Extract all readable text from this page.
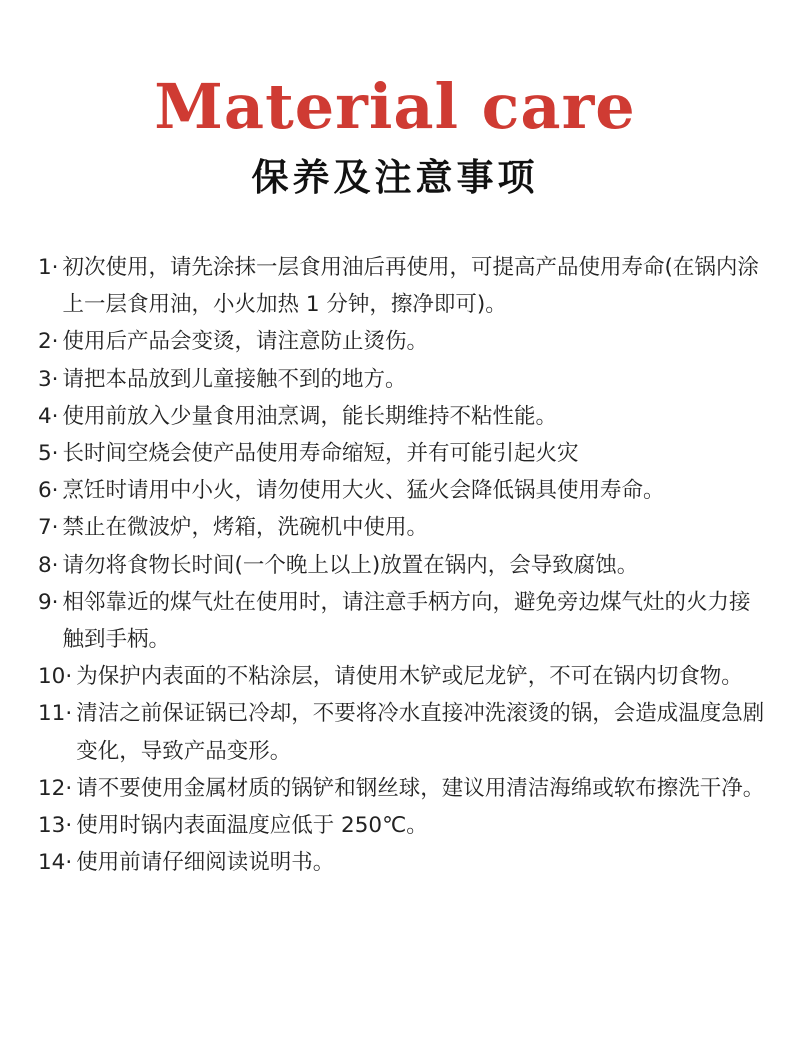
Material care
保养及注意事项
1· 初次使用，请先涂抹一层食用油后再使用，可提高产品使用寿命(在锅内涂上一层食用油，小火加热 1 分钟，擦净即可)。
2· 使用后产品会变烫，请注意防止烫伤。
3· 请把本品放到儿童接触不到的地方。
4· 使用前放入少量食用油烹调，能长期维持不粘性能。
5· 长时间空烧会使产品使用寿命缩短，并有可能引起火灾
6· 烹饪时请用中小火，请勿使用大火、猛火会降低锅具使用寿命。
7· 禁止在微波炉，烤箱，洗碗机中使用。
8· 请勿将食物长时间(一个晚上以上)放置在锅内，会导致腐蚀。
9· 相邻靠近的煤气灶在使用时，请注意手柄方向，避免旁边煤气灶的火力接触到手柄。
10· 为保护内表面的不粘涂层，请使用木铲或尼龙铲，不可在锅内切食物。
11· 清洁之前保证锅已冷却，不要将冷水直接冲洗滚烫的锅，会造成温度急剧变化，导致产品变形。
12· 请不要使用金属材质的锅铲和钢丝球，建议用清洁海绵或软布擦洗干净。
13· 使用时锅内表面温度应低于 250℃。
14· 使用前请仔细阅读说明书。
